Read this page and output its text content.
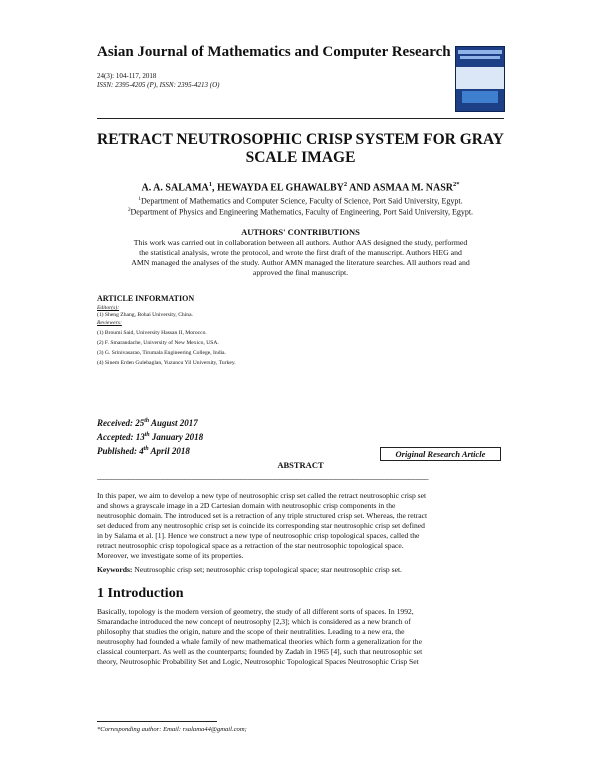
Asian Journal of Mathematics and Computer Research
24(3): 104-117, 2018
ISSN: 2395-4205 (P), ISSN: 2395-4213 (O)
RETRACT NEUTROSOPHIC CRISP SYSTEM FOR GRAY
SCALE IMAGE
A. A. SALAMA$^1$, HEWAYDA EL GHAWALBY$^2$ AND ASMAA M. $NASR^{2*}$
$^1$Department of Mathematics and Computer Science, Faculty of Science, Port Said University, Egypt.
$^2$Department of Physics and Engineering Mathematics, Faculty of Engineering, Port Said University, Egypt.
AUTHORS' CONTRIBUTIONS
This work was carried out in collaboration between all authors. Author AAS designed the study, performed
the statistical analysis, wrote the protocol, and wrote the first draft of the manuscript. Authors HEG and
AMN managed the analyses of the study. Author AMN managed the literature searches. All authors read and
approved the final manuscript.
ARTICLE INFORMATION
Editor(s):
(1) Sheng Zhang, Bohai University, China.
Reviewers:
(1) Broumi Said, University Hassan II, Morocco.
(2) F. Smarandache, University of New Mexico, USA.
(3) G. Srinivasarao, Tirumala Engineering College, India.
(4) Sinem Erden Gulebaglan, Yuzuncu Yil University, Turkey.
Received: 25th August 2017
Accepted: 13th January 2018
Published: 4th April 2018	Original Research Article
______________________________________________________________________________________________________________________
ABSTRACT
In this paper, we aim to develop a new type of neutrosophic crisp set called the retract neutrosophic crisp set
and shows a grayscale image in a 2D Cartesian domain with neutrosophic crisp components in the
neutrosophic domain. The introduced set is a retraction of any triple structured crisp set. Whereas, the retract
set deduced from any neutrosophic crisp set is coincide its corresponding star neutrosophic crisp set defined
in by Salama et al. [1]. Hence we construct a new type of neutrosophic crisp topological spaces, called the
retract neutrosophic crisp topological space as a retraction of the star neutrosophic topological space.
Moreover, we investigate some of its properties.
Keywords: Neutrosophic crisp set; neutrosophic crisp topological space; star neutrosophic crisp set.
1 Introduction
Basically, topology is the modern version of geometry, the study of all different sorts of spaces. In 1992,
Smarandache introduced the new concept of neutrosophy [2,3]; which is considered as a new branch of
philosophy that studies the origin, nature and the scope of their neutralities. Leading to a new era, the
neutrosophy had founded a whale family of new mathematical theories which form a generalization for the
classical counterpart. As well as the counterparts; founded by Zadah in 1965 [4], such that neutrosophic set
theory, Neutrosophic Probability Set and Logic, Neutrosophic Topological Spaces Neutrosophic Crisp Set
*Corresponding author: Email: rsalama44@gmail.com;
